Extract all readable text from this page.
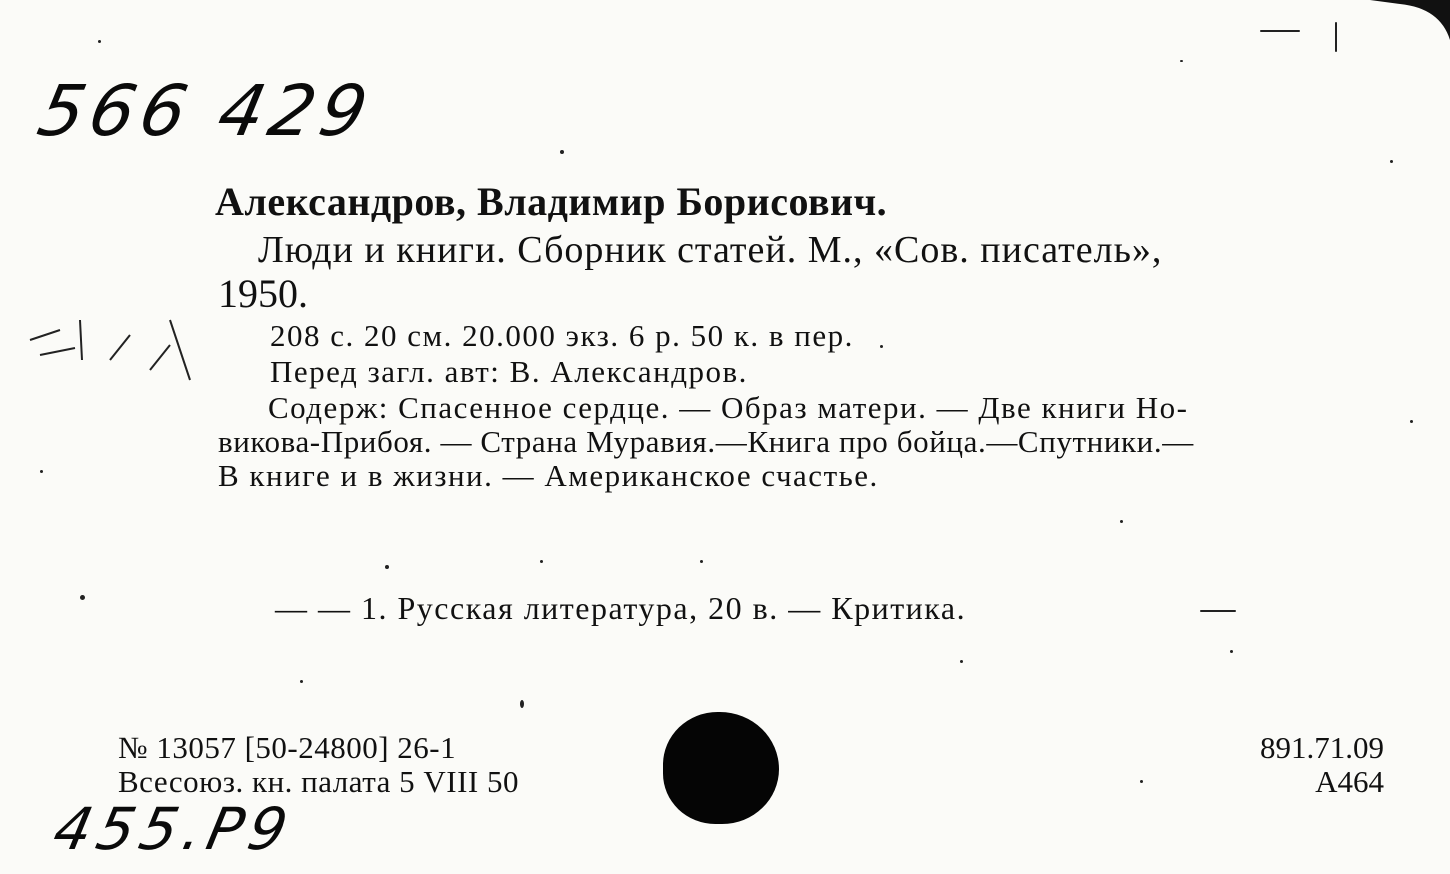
566 429
Александров, Владимир Борисович.
Люди и книги. Сборник статей. М., «Сов. писатель»,
1950.
208 с. 20 см. 20.000 экз. 6 р. 50 к. в пер.
Перед загл. авт: В. Александров.
Содерж: Спасенное сердце. — Образ матери. — Две книги Но-
викова-Прибоя. — Страна Муравия.—Книга про бойца.—Спутники.—
В книге и в жизни. — Американское счастье.
— — 1. Русская литература, 20 в. — Критика.
№ 13057 [50-24800] 26-1
Всесоюз. кн. палата 5 VIII 50
891.71.09
А464
455.Р9
